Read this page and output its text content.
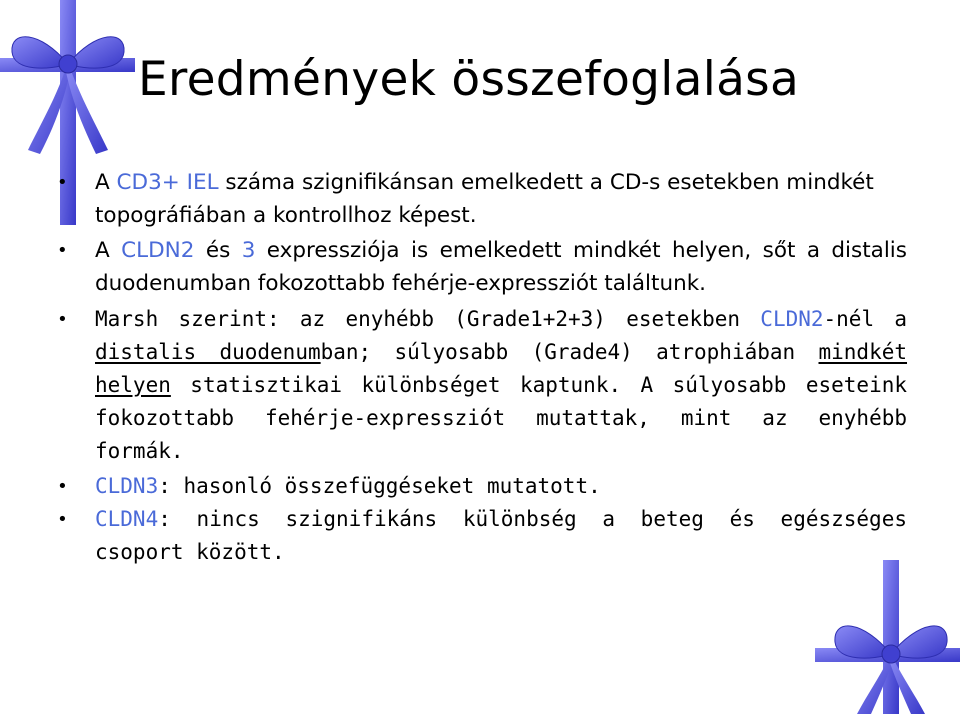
Eredmények összefoglalása
• A CD3+ IEL száma szignifikánsan emelkedett a CD-s esetekben mindkét topográfiában a kontrollhoz képest.
• A CLDN2 és 3 expressziója is emelkedett mindkét helyen, sőt a distalis duodenumban fokozottabb fehérje-expressziót találtunk.
• Marsh szerint: az enyhébb (Grade1+2+3) esetekben CLDN2-nél a distalis duodenumban; súlyosabb (Grade4) atrophiában mindkét helyen statisztikai különbséget kaptunk. A súlyosabb eseteink fokozottabb fehérje-expressziót mutattak, mint az enyhébb formák.
• CLDN3: hasonló összefüggéseket mutatott.
• CLDN4: nincs szignifikáns különbség a beteg és egészséges csoport között.
